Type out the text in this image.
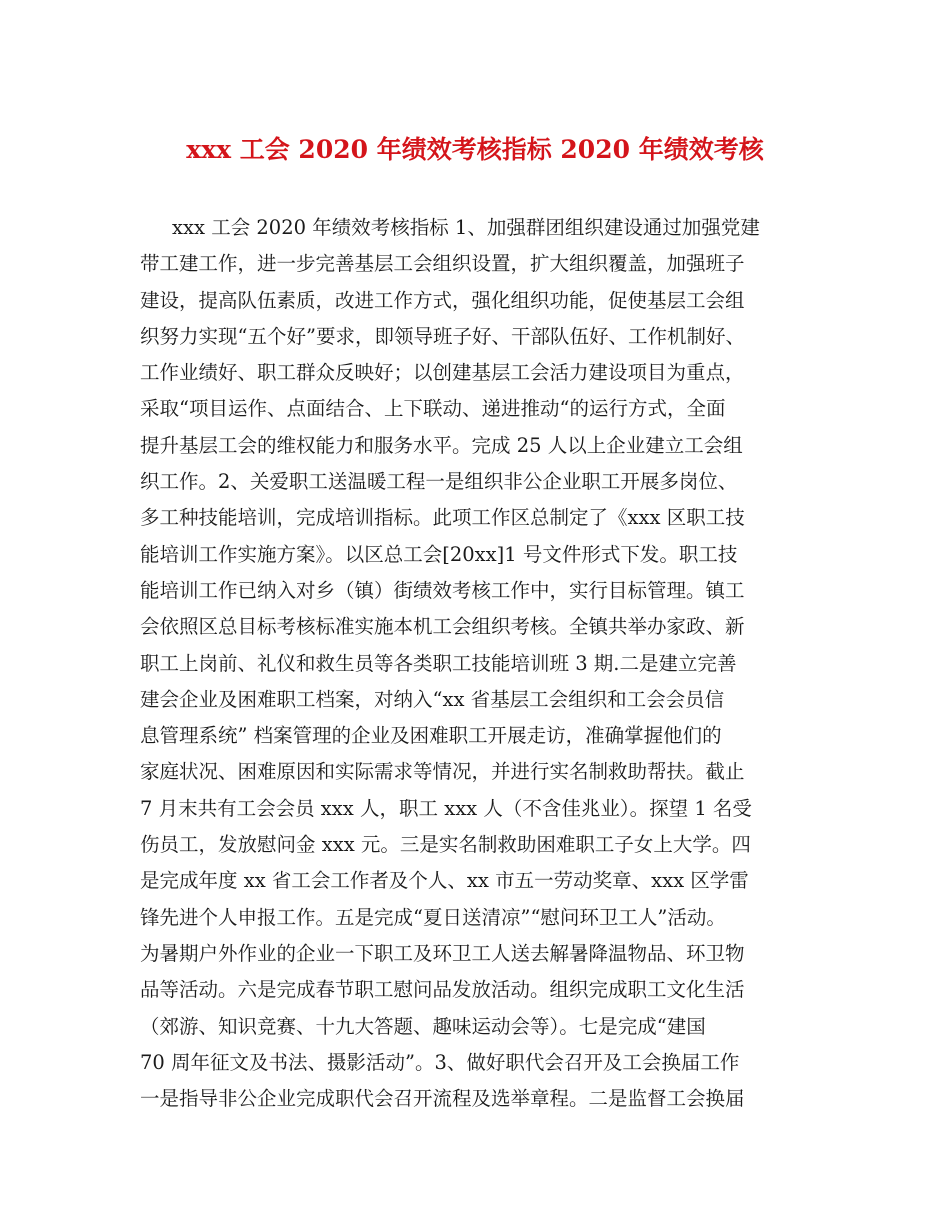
xxx 工会 2020 年绩效考核指标 2020 年绩效考核
xxx 工会 2020 年绩效考核指标 1、加强群团组织建设通过加强党建
带工建工作，进一步完善基层工会组织设置，扩大组织覆盖，加强班子
建设，提高队伍素质，改进工作方式，强化组织功能，促使基层工会组
织努力实现“五个好”要求，即领导班子好、干部队伍好、工作机制好、
工作业绩好、职工群众反映好；以创建基层工会活力建设项目为重点，
采取“项目运作、点面结合、上下联动、递进推动“的运行方式，全面
提升基层工会的维权能力和服务水平。完成 25 人以上企业建立工会组
织工作。2、关爱职工送温暖工程一是组织非公企业职工开展多岗位、
多工种技能培训，完成培训指标。此项工作区总制定了《xxx 区职工技
能培训工作实施方案》。以区总工会[20xx]1 号文件形式下发。职工技
能培训工作已纳入对乡（镇）街绩效考核工作中，实行目标管理。镇工
会依照区总目标考核标准实施本机工会组织考核。全镇共举办家政、新
职工上岗前、礼仪和救生员等各类职工技能培训班 3 期.二是建立完善
建会企业及困难职工档案，对纳入“xx 省基层工会组织和工会会员信
息管理系统” 档案管理的企业及困难职工开展走访，准确掌握他们的
家庭状况、困难原因和实际需求等情况，并进行实名制救助帮扶。截止
7 月末共有工会会员 xxx 人，职工 xxx 人（不含佳兆业）。探望 1 名受
伤员工，发放慰问金 xxx 元。三是实名制救助困难职工子女上大学。四
是完成年度 xx 省工会工作者及个人、xx 市五一劳动奖章、xxx 区学雷
锋先进个人申报工作。五是完成“夏日送清凉”“慰问环卫工人”活动。
为暑期户外作业的企业一下职工及环卫工人送去解暑降温物品、环卫物
品等活动。六是完成春节职工慰问品发放活动。组织完成职工文化生活
（郊游、知识竞赛、十九大答题、趣味运动会等）。七是完成“建国
70 周年征文及书法、摄影活动”。3、做好职代会召开及工会换届工作
一是指导非公企业完成职代会召开流程及选举章程。二是监督工会换届
